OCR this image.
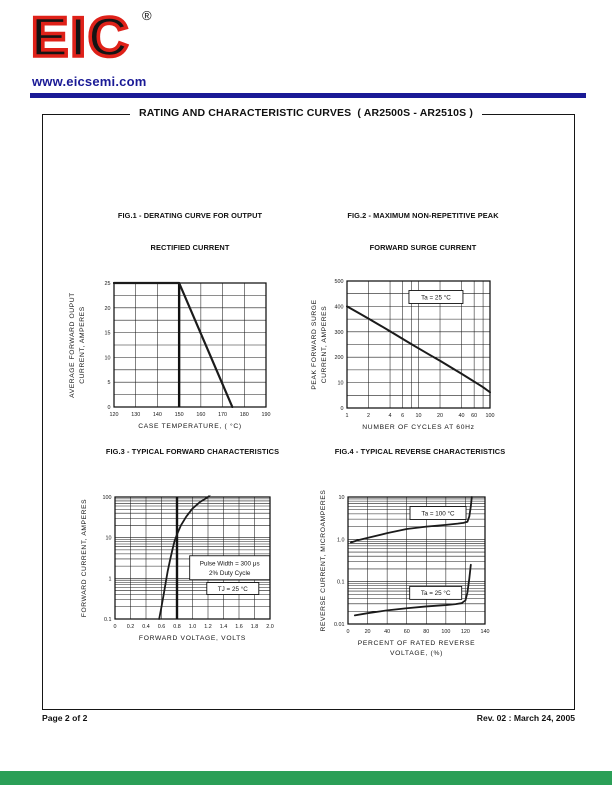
EIC ®
www.eicsemi.com
RATING AND CHARACTERISTIC CURVES  ( AR2500S - AR2510S )

FIG.1 - DERATING CURVE FOR OUTPUT

RECTIFIED CURRENT

120 130 140 150 160 170 180 190
0
5
10
15
20
25
CASE TEMPERATURE, ( °C)
AVERAGE FORWARD OUPUT CURRENT, AMPERES

FIG.2 - MAXIMUM NON-REPETITIVE PEAK

FORWARD SURGE CURRENT

Ta = 25 °C
1	2	4 6 10	20	40 60 100
0
10
200
300
400
500
NUMBER OF CYCLES AT 60Hz
PEAK FORWARD SURGE CURRENT, AMPERES

FIG.3 - TYPICAL FORWARD CHARACTERISTICS

Pulse Width = 300 μs
2% Duty Cycle
TJ = 25 °C
0 0.2 0.4 0.6 0.8 1.0 1.2 1.4 1.6 1.8 2.0
0.1
1
10
100
FORWARD VOLTAGE, VOLTS
FORWARD CURRENT, AMPERES

FIG.4 - TYPICAL REVERSE CHARACTERISTICS

Ta = 100 °C
Ta = 25 °C
0	20	40	60	80 100 120 140
0.01
0.1
1.0
10
PERCENT OF RATED REVERSE
VOLTAGE, (%)
REVERSE CURRENT, MICROAMPERES
Page 2 of 2	Rev. 02 : March 24, 2005
